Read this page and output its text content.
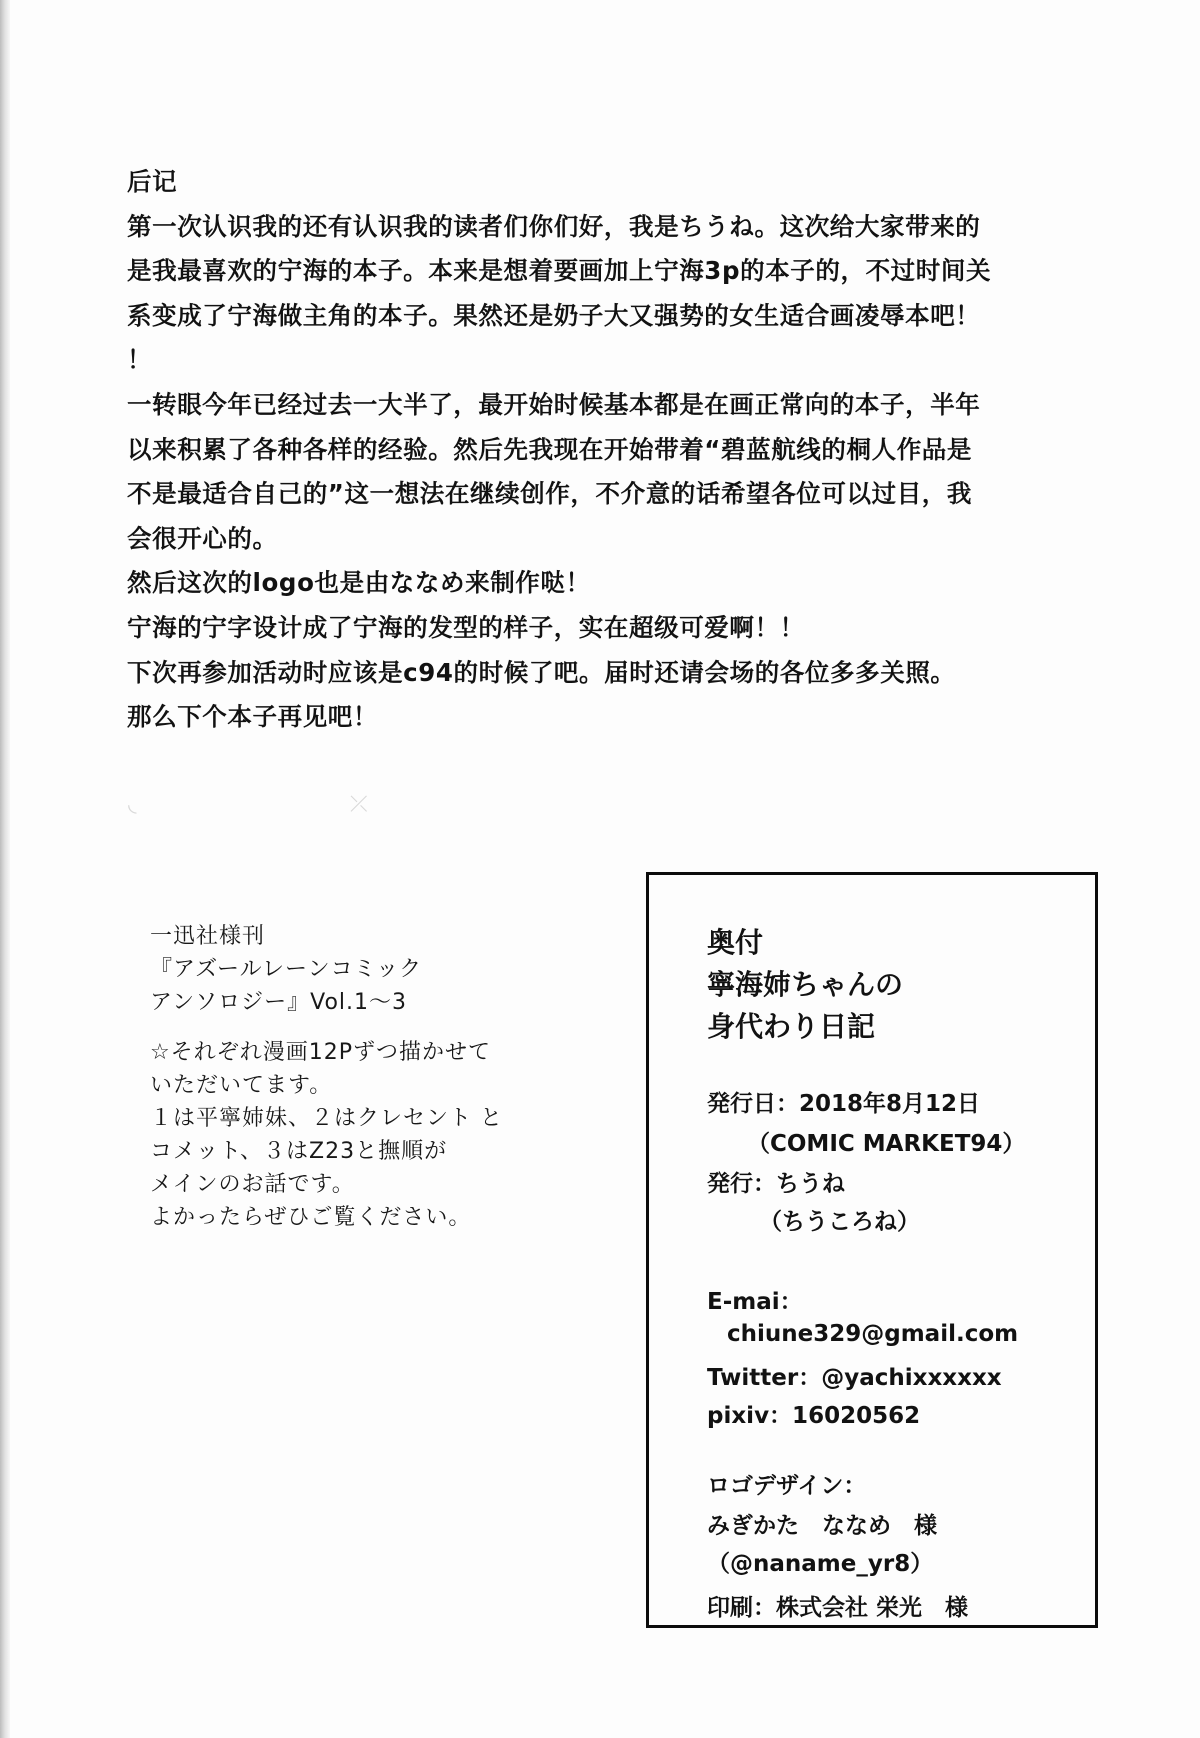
后记
第一次认识我的还有认识我的读者们你们好，我是ちうね。这次给大家带来的
是我最喜欢的宁海的本子。本来是想着要画加上宁海3p的本子的，不过时间关
系变成了宁海做主角的本子。果然还是奶子大又强势的女生适合画凌辱本吧！
！
一转眼今年已经过去一大半了，最开始时候基本都是在画正常向的本子，半年
以来积累了各种各样的经验。然后先我现在开始带着“碧蓝航线的桐人作品是
不是最适合自己的”这一想法在继续创作，不介意的话希望各位可以过目，我
会很开心的。
然后这次的logo也是由ななめ来制作哒！
宁海的宁字设计成了宁海的发型的样子，实在超级可爱啊！！
下次再参加活动时应该是c94的时候了吧。届时还请会场的各位多多关照。
那么下个本子再见吧！
◟	⤫
一迅社様刊
『アズールレーンコミック
アンソロジー』Vol.1～3
☆それぞれ漫画12Pずつ描かせて
いただいてます。
１は平寧姉妹、２はクレセント と
コメット、３はZ23と撫順が
メインのお話です。
よかったらぜひご覧ください。
奥付
寧海姉ちゃんの
身代わり日記
発行日：2018年8月12日
（COMIC MARKET94）
発行：ちうね
（ちうころね）
E-mai：
chiune329@gmail.com
Twitter：@yachixxxxxx
pixiv：16020562
ロゴデザイン：
みぎかた　ななめ　様
（@naname_yr8）
印刷：株式会社 栄光　様
